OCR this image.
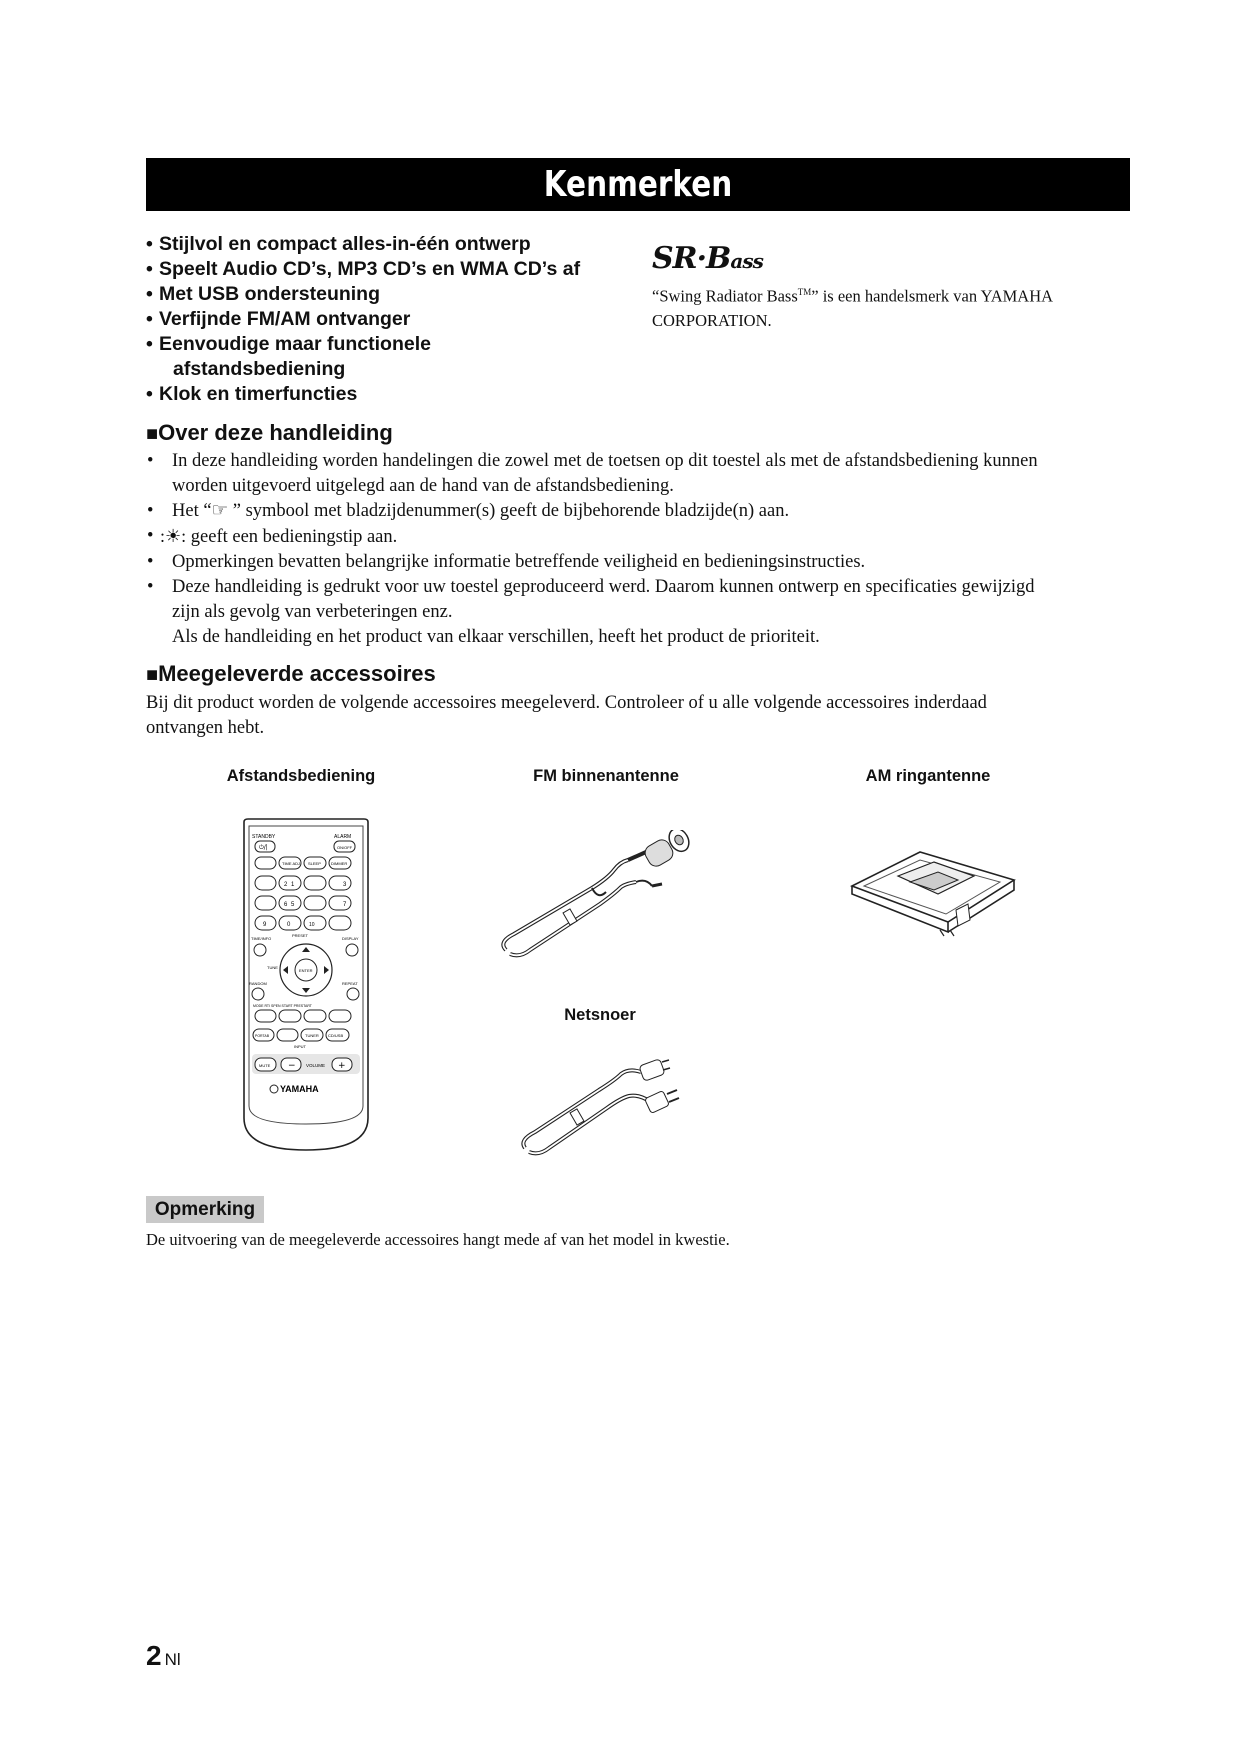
Kenmerken
• Stijlvol en compact alles-in-één ontwerp
• Speelt Audio CD’s, MP3 CD’s en WMA CD’s af
• Met USB ondersteuning
• Verfijnde FM/AM ontvanger
• Eenvoudige maar functionele
afstandsbediening
• Klok en timerfuncties
SR·Bass

“Swing Radiator Bass™” is een handelsmerk van YAMAHA
CORPORATION.

■Over deze handleiding
• In deze handleiding worden handelingen die zowel met de toetsen op dit toestel als met de afstandsbediening kunnen
worden uitgevoerd uitgelegd aan de hand van de afstandsbediening.
• Het “☞ ” symbool met bladzijdenummer(s) geeft de bijbehorende bladzijde(n) aan.
• :☀: geeft een bedieningstip aan.
• Opmerkingen bevatten belangrijke informatie betreffende veiligheid en bedieningsinstructies.
• Deze handleiding is gedrukt voor uw toestel geproduceerd werd. Daarom kunnen ontwerp en specificaties gewijzigd
zijn als gevolg van verbeteringen enz.
Als de handleiding en het product van elkaar verschillen, heeft het product de prioriteit.
■Meegeleverde accessoires

Bij dit product worden de volgende accessoires meegeleverd. Controleer of u alle volgende accessoires inderdaad
ontvangen hebt.

Afstandsbediening	FM binnenantenne	AM ringantenne
Netsnoer
STANDBY	ALARM
⏻/|	ON/OFF
TIME ADJ SLEEP	DIMMER
2 1	3
6 5	7
9	0	10
TIME/INFO
PRESET
DISPLAY
ENTER
TUNE
RANDOM	REPEAT
MODE RTI SPEN START PRESTART
PORTAB	TUNER CD/USB
INPUT
MUTE − VOLUME +
YAMAHA
Opmerking

De uitvoering van de meegeleverde accessoires hangt mede af van het model in kwestie.

2 Nl
